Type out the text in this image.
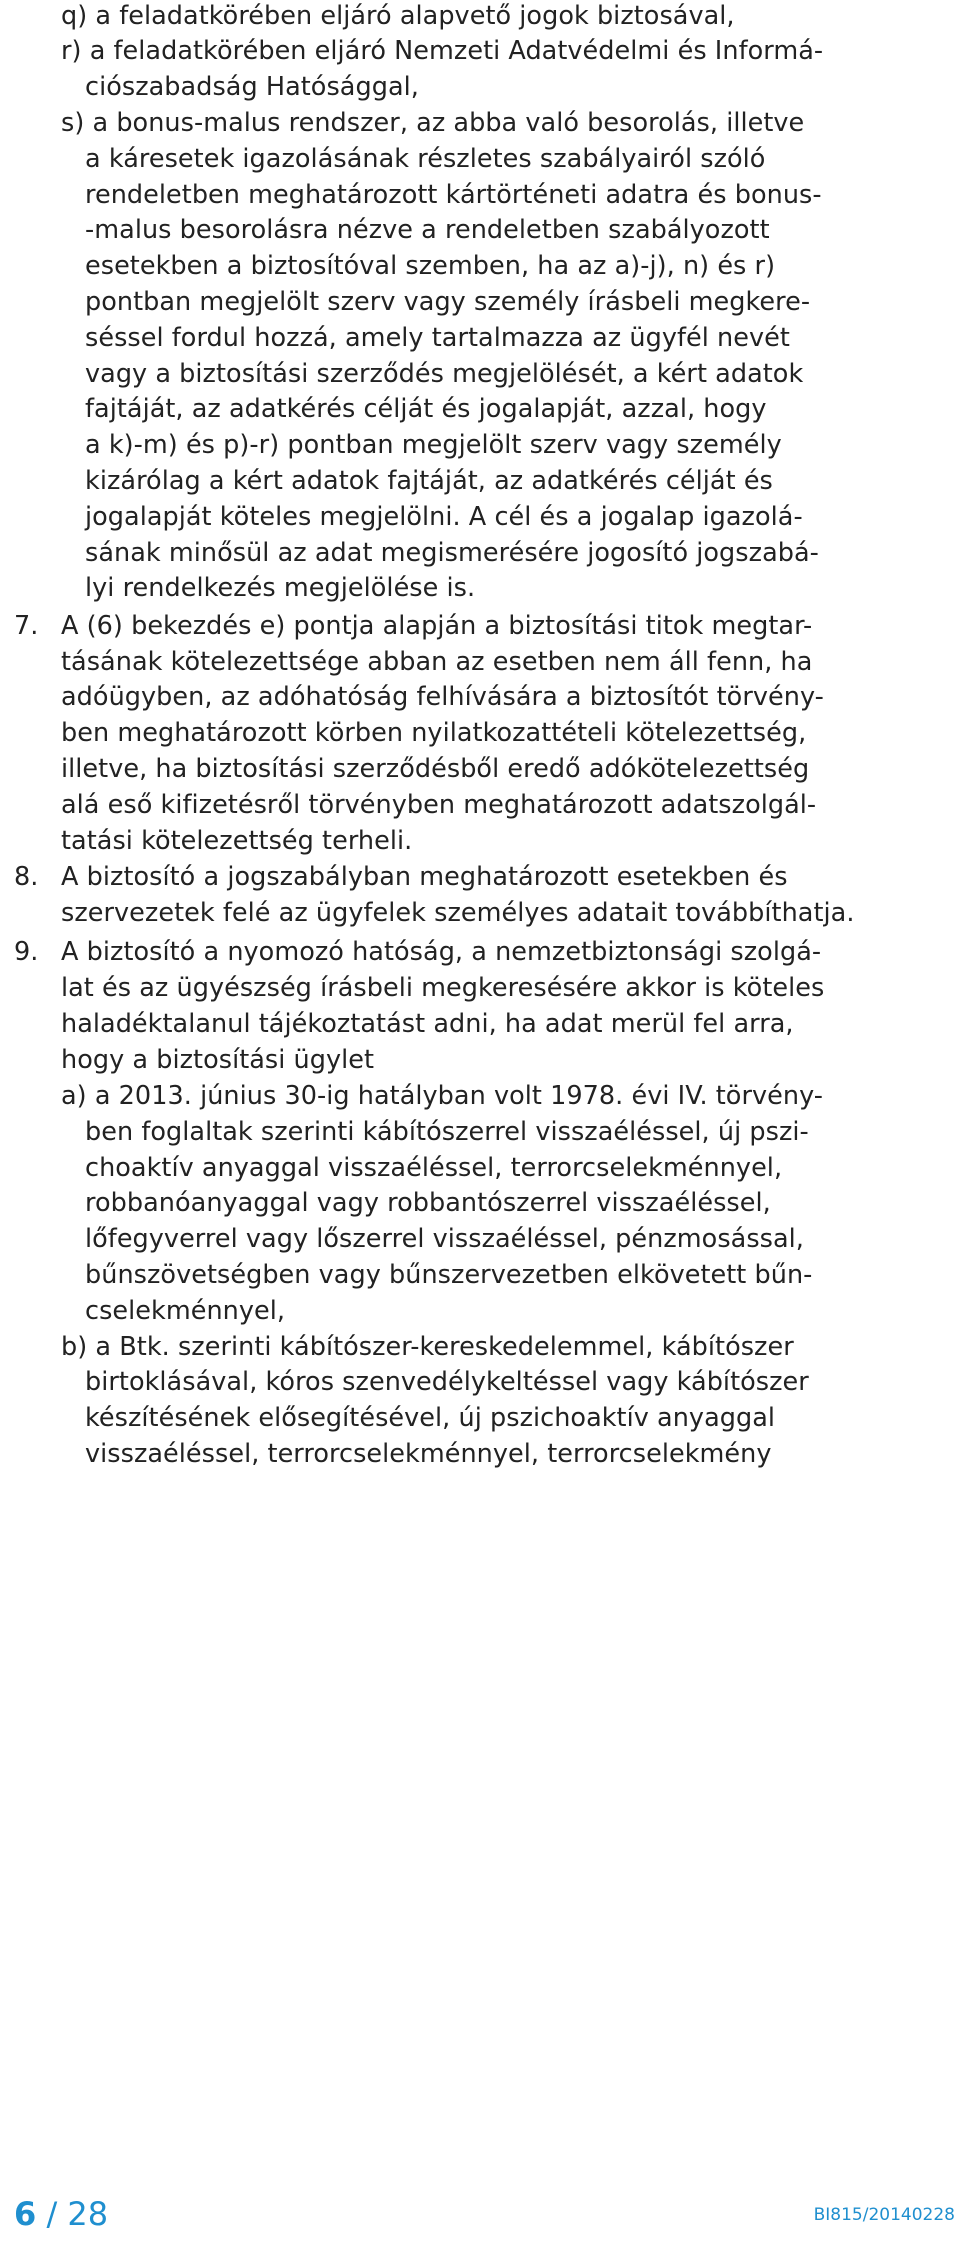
7.
8.
9.
q) a feladatkörében eljáró alapvető jogok biztosával,
r) a feladatkörében eljáró Nemzeti Adatvédelmi és Informá-
ciószabadság Hatósággal,
s) a bonus-malus rendszer, az abba való besorolás, illetve
a káresetek igazolásának részletes szabályairól szóló
rendeletben meghatározott kártörténeti adatra és bonus-
-malus besorolásra nézve a rendeletben szabályozott
esetekben a biztosítóval szemben, ha az a)-j), n) és r)
pontban megjelölt szerv vagy személy írásbeli megkere-
séssel fordul hozzá, amely tartalmazza az ügyfél nevét
vagy a biztosítási szerződés megjelölését, a kért adatok
fajtáját, az adatkérés célját és jogalapját, azzal, hogy
a k)-m) és p)-r) pontban megjelölt szerv vagy személy
kizárólag a kért adatok fajtáját, az adatkérés célját és
jogalapját köteles megjelölni. A cél és a jogalap igazolá-
sának minősül az adat megismerésére jogosító jogszabá-
lyi rendelkezés megjelölése is.
A (6) bekezdés e) pontja alapján a biztosítási titok megtar-
tásának kötelezettsége abban az esetben nem áll fenn, ha
adóügyben, az adóhatóság felhívására a biztosítót törvény-
ben meghatározott körben nyilatkozattételi kötelezettség,
illetve, ha biztosítási szerződésből eredő adókötelezettség
alá eső kifizetésről törvényben meghatározott adatszolgál-
tatási kötelezettség terheli.
A biztosító a jogszabályban meghatározott esetekben és
szervezetek felé az ügyfelek személyes adatait továbbíthatja.
A biztosító a nyomozó hatóság, a nemzetbiztonsági szolgá-
lat és az ügyészség írásbeli megkeresésére akkor is köteles
haladéktalanul tájékoztatást adni, ha adat merül fel arra,
hogy a biztosítási ügylet
a) a 2013. június 30-ig hatályban volt 1978. évi IV. törvény-
ben foglaltak szerinti kábítószerrel visszaéléssel, új pszi-
choaktív anyaggal visszaéléssel, terrorcselekménnyel,
robbanóanyaggal vagy robbantószerrel visszaéléssel,
lőfegyverrel vagy lőszerrel visszaéléssel, pénzmosással,
bűnszövetségben vagy bűnszervezetben elkövetett bűn-
cselekménnyel,
b) a Btk. szerinti kábítószer-kereskedelemmel, kábítószer
birtoklásával, kóros szenvedélykeltéssel vagy kábítószer
készítésének elősegítésével, új pszichoaktív anyaggal
visszaéléssel, terrorcselekménnyel, terrorcselekmény
6 / 28	BI815/20140228
